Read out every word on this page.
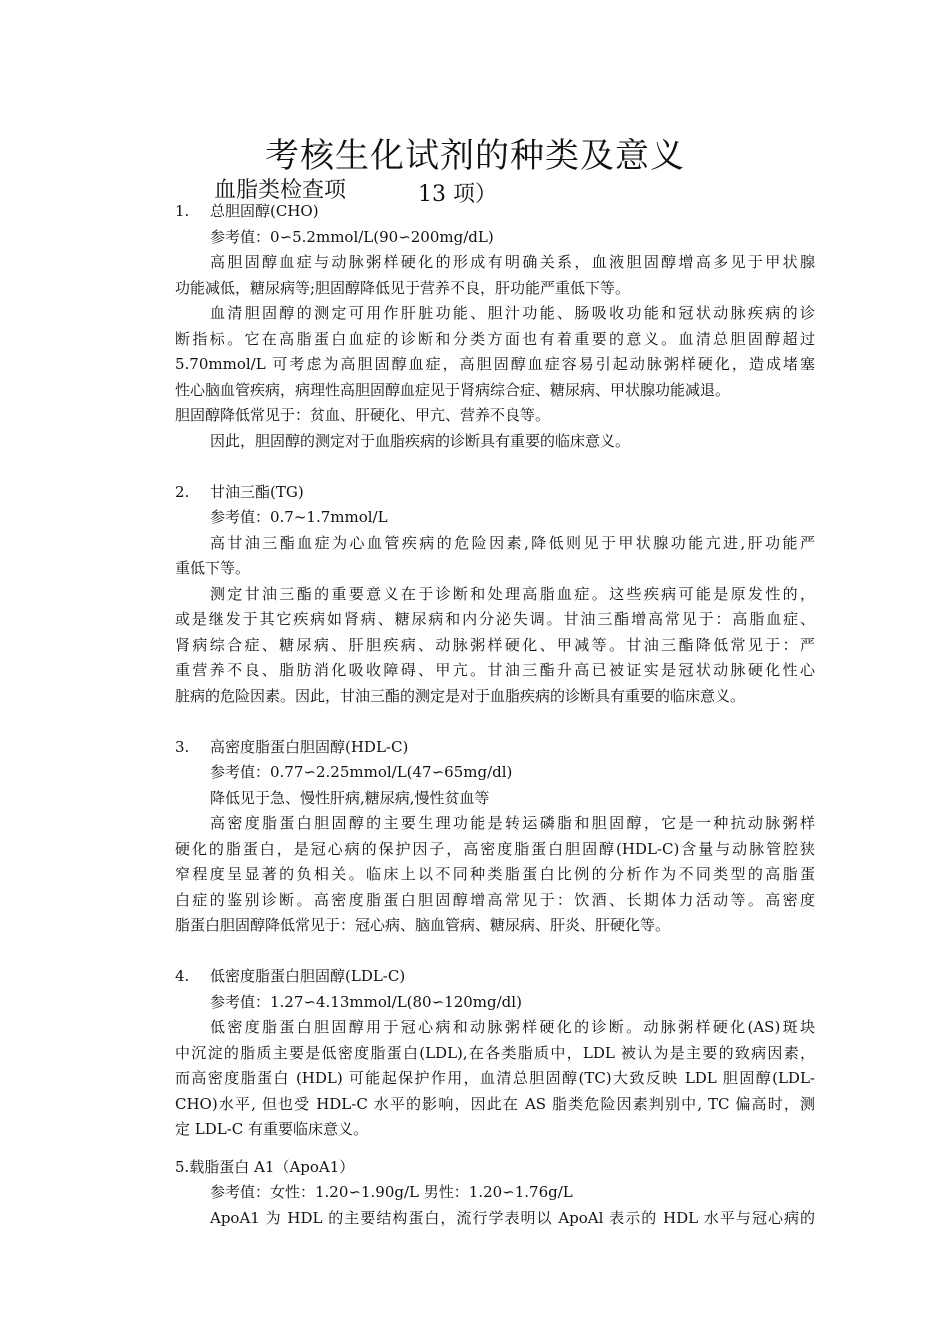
考核生化试剂的种类及意义
血脂类检查项	13 项）
1. 总胆固醇(CHO)
参考值：0∽5.2mmol/L(90∽200mg/dL)
高胆固醇血症与动脉粥样硬化的形成有明确关系，血液胆固醇增高多见于甲状腺
功能减低，糖尿病等;胆固醇降低见于营养不良，肝功能严重低下等。
血清胆固醇的测定可用作肝脏功能、胆汁功能、肠吸收功能和冠状动脉疾病的诊
断指标。它在高脂蛋白血症的诊断和分类方面也有着重要的意义。血清总胆固醇超过
5.70mmol/L 可考虑为高胆固醇血症，高胆固醇血症容易引起动脉粥样硬化，造成堵塞
性心脑血管疾病，病理性高胆固醇血症见于肾病综合症、糖尿病、甲状腺功能减退。
胆固醇降低常见于：贫血、肝硬化、甲亢、营养不良等。
因此，胆固醇的测定对于血脂疾病的诊断具有重要的临床意义。
2. 甘油三酯(TG)
参考值：0.7~1.7mmol/L
高甘油三酯血症为心血管疾病的危险因素,降低则见于甲状腺功能亢进,肝功能严
重低下等。
测定甘油三酯的重要意义在于诊断和处理高脂血症。这些疾病可能是原发性的，
或是继发于其它疾病如肾病、糖尿病和内分泌失调。甘油三酯增高常见于：高脂血症、
肾病综合症、糖尿病、肝胆疾病、动脉粥样硬化、甲减等。甘油三酯降低常见于：严
重营养不良、脂肪消化吸收障碍、甲亢。甘油三酯升高已被证实是冠状动脉硬化性心
脏病的危险因素。因此，甘油三酯的测定是对于血脂疾病的诊断具有重要的临床意义。
3. 高密度脂蛋白胆固醇(HDL-C)
参考值：0.77∽2.25mmol/L(47∽65mg/dl)
降低见于急、慢性肝病,糖尿病,慢性贫血等
高密度脂蛋白胆固醇的主要生理功能是转运磷脂和胆固醇，它是一种抗动脉粥样
硬化的脂蛋白，是冠心病的保护因子，高密度脂蛋白胆固醇(HDL-C)含量与动脉管腔狭
窄程度呈显著的负相关。临床上以不同种类脂蛋白比例的分析作为不同类型的高脂蛋
白症的鉴别诊断。高密度脂蛋白胆固醇增高常见于：饮酒、长期体力活动等。高密度
脂蛋白胆固醇降低常见于：冠心病、脑血管病、糖尿病、肝炎、肝硬化等。
4. 低密度脂蛋白胆固醇(LDL-C)
参考值：1.27∽4.13mmol/L(80∽120mg/dl)
低密度脂蛋白胆固醇用于冠心病和动脉粥样硬化的诊断。动脉粥样硬化(AS)斑块
中沉淀的脂质主要是低密度脂蛋白(LDL),在各类脂质中，LDL 被认为是主要的致病因素，
而高密度脂蛋白 (HDL) 可能起保护作用，血清总胆固醇(TC)大致反映 LDL 胆固醇(LDL-
CHO)水平, 但也受 HDL-C 水平的影响，因此在 AS 脂类危险因素判别中, TC 偏高时，测
定 LDL-C 有重要临床意义。
5.载脂蛋白 A1（ApoA1）
参考值：女性：1.20∽1.90g/L 男性：1.20∽1.76g/L
ApoA1 为 HDL 的主要结构蛋白，流行学表明以 ApoAl 表示的 HDL 水平与冠心病的
